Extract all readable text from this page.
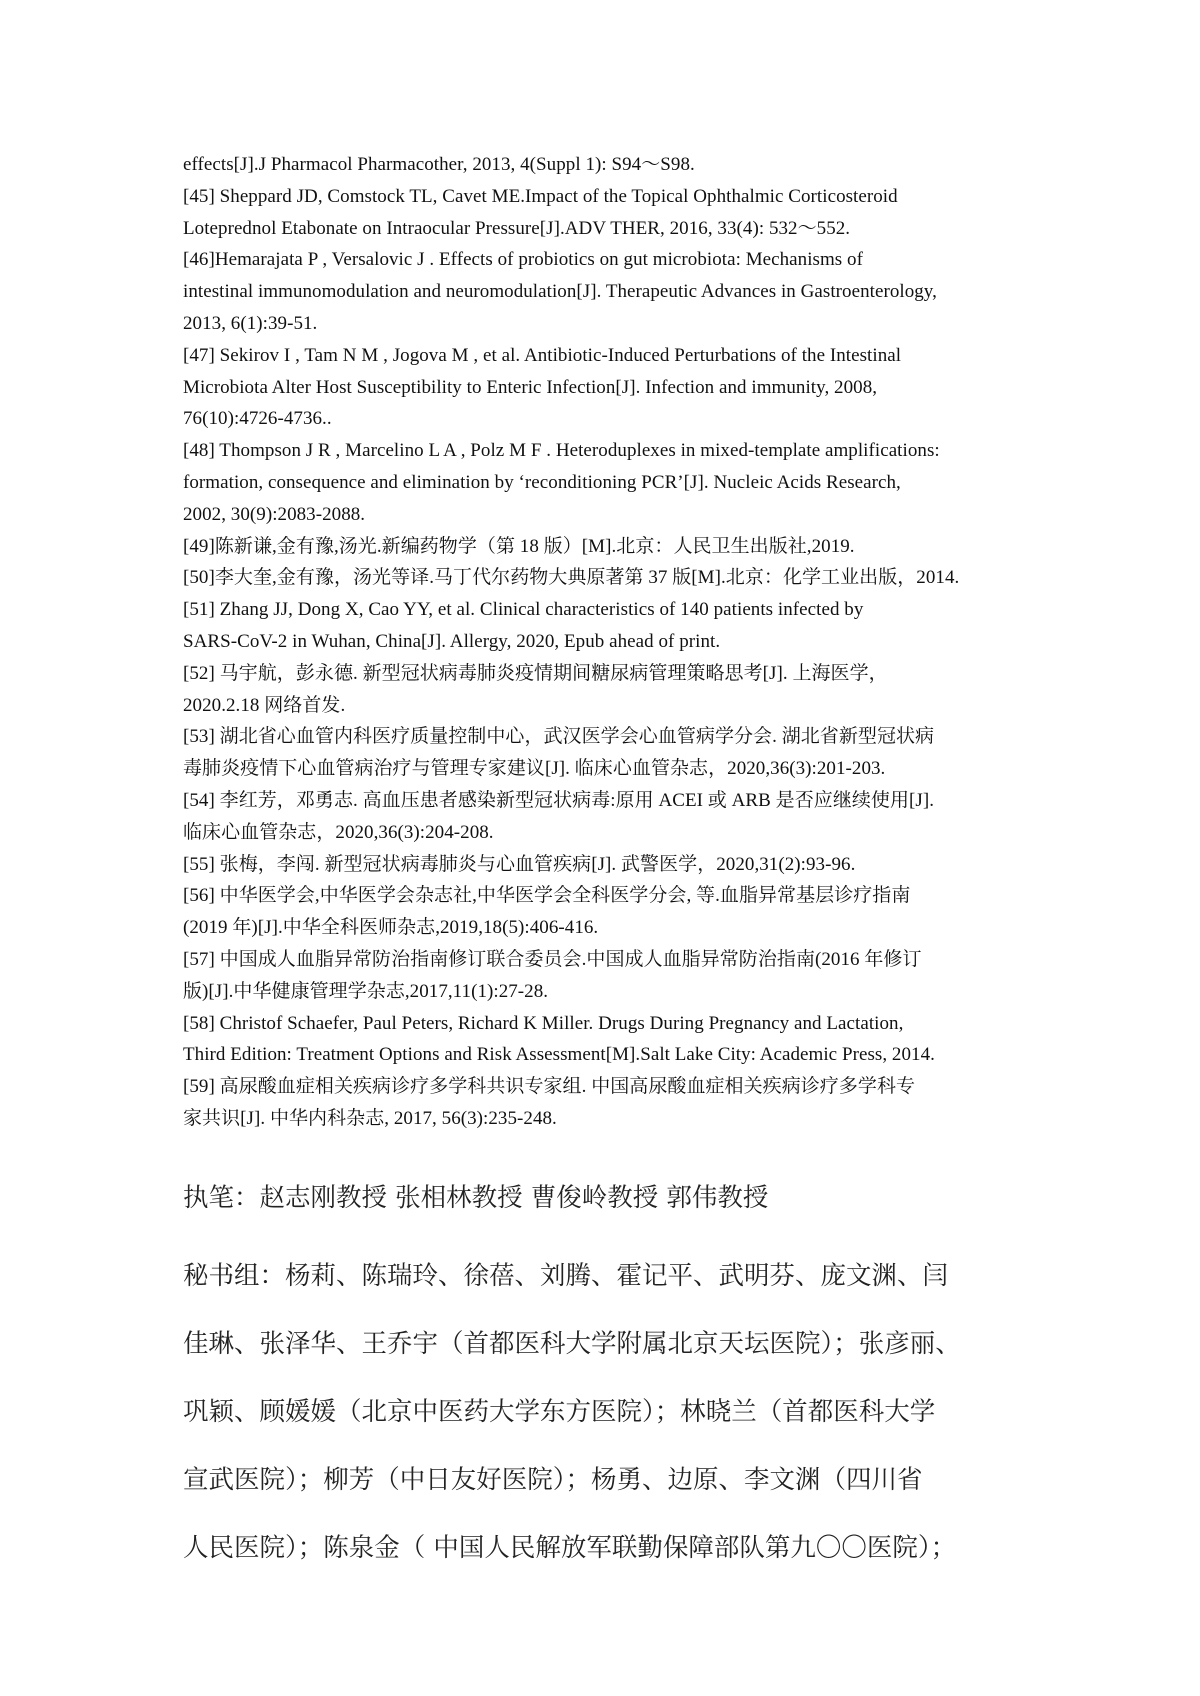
effects[J].J Pharmacol Pharmacother, 2013, 4(Suppl 1): S94～S98.
[45] Sheppard JD, Comstock TL, Cavet ME.Impact of the Topical Ophthalmic Corticosteroid
Loteprednol Etabonate on Intraocular Pressure[J].ADV THER, 2016, 33(4): 532～552.
[46]Hemarajata P , Versalovic J . Effects of probiotics on gut microbiota: Mechanisms of
intestinal immunomodulation and neuromodulation[J]. Therapeutic Advances in Gastroenterology,
2013, 6(1):39-51.
[47] Sekirov I , Tam N M , Jogova M , et al. Antibiotic-Induced Perturbations of the Intestinal
Microbiota Alter Host Susceptibility to Enteric Infection[J]. Infection and immunity, 2008,
76(10):4726-4736..
[48] Thompson J R , Marcelino L A , Polz M F . Heteroduplexes in mixed-template amplifications:
formation, consequence and elimination by ‘reconditioning PCR’[J]. Nucleic Acids Research,
2002, 30(9):2083-2088.
[49]陈新谦,金有豫,汤光.新编药物学（第 18 版）[M].北京：人民卫生出版社,2019.
[50]李大奎,金有豫，汤光等译.马丁代尔药物大典原著第 37 版[M].北京：化学工业出版，2014.
[51] Zhang JJ, Dong X, Cao YY, et al. Clinical characteristics of 140 patients infected by
SARS-CoV-2 in Wuhan, China[J]. Allergy, 2020, Epub ahead of print.
[52] 马宇航，彭永德. 新型冠状病毒肺炎疫情期间糖尿病管理策略思考[J]. 上海医学，
2020.2.18 网络首发.
[53] 湖北省心血管内科医疗质量控制中心，武汉医学会心血管病学分会. 湖北省新型冠状病
毒肺炎疫情下心血管病治疗与管理专家建议[J]. 临床心血管杂志，2020,36(3):201-203.
[54] 李红芳，邓勇志. 高血压患者感染新型冠状病毒:原用 ACEI 或 ARB 是否应继续使用[J].
临床心血管杂志，2020,36(3):204-208.
[55] 张梅，李闯. 新型冠状病毒肺炎与心血管疾病[J]. 武警医学，2020,31(2):93-96.
[56] 中华医学会,中华医学会杂志社,中华医学会全科医学分会, 等.血脂异常基层诊疗指南
(2019 年)[J].中华全科医师杂志,2019,18(5):406-416.
[57] 中国成人血脂异常防治指南修订联合委员会.中国成人血脂异常防治指南(2016 年修订
版)[J].中华健康管理学杂志,2017,11(1):27-28.
[58] Christof Schaefer, Paul Peters, Richard K Miller. Drugs During Pregnancy and Lactation,
Third Edition: Treatment Options and Risk Assessment[M].Salt Lake City: Academic Press, 2014.
[59] 高尿酸血症相关疾病诊疗多学科共识专家组. 中国高尿酸血症相关疾病诊疗多学科专
家共识[J]. 中华内科杂志, 2017, 56(3):235-248.
执笔：赵志刚教授 张相林教授 曹俊岭教授 郭伟教授
秘书组：杨莉、陈瑞玲、徐蓓、刘腾、霍记平、武明芬、庞文渊、闫
佳琳、张泽华、王乔宇（首都医科大学附属北京天坛医院）；张彦丽、
巩颖、顾媛媛（北京中医药大学东方医院）；林晓兰（首都医科大学
宣武医院）；柳芳（中日友好医院）；杨勇、边原、李文渊（四川省
人民医院）；陈泉金（ 中国人民解放军联勤保障部队第九〇〇医院）；
